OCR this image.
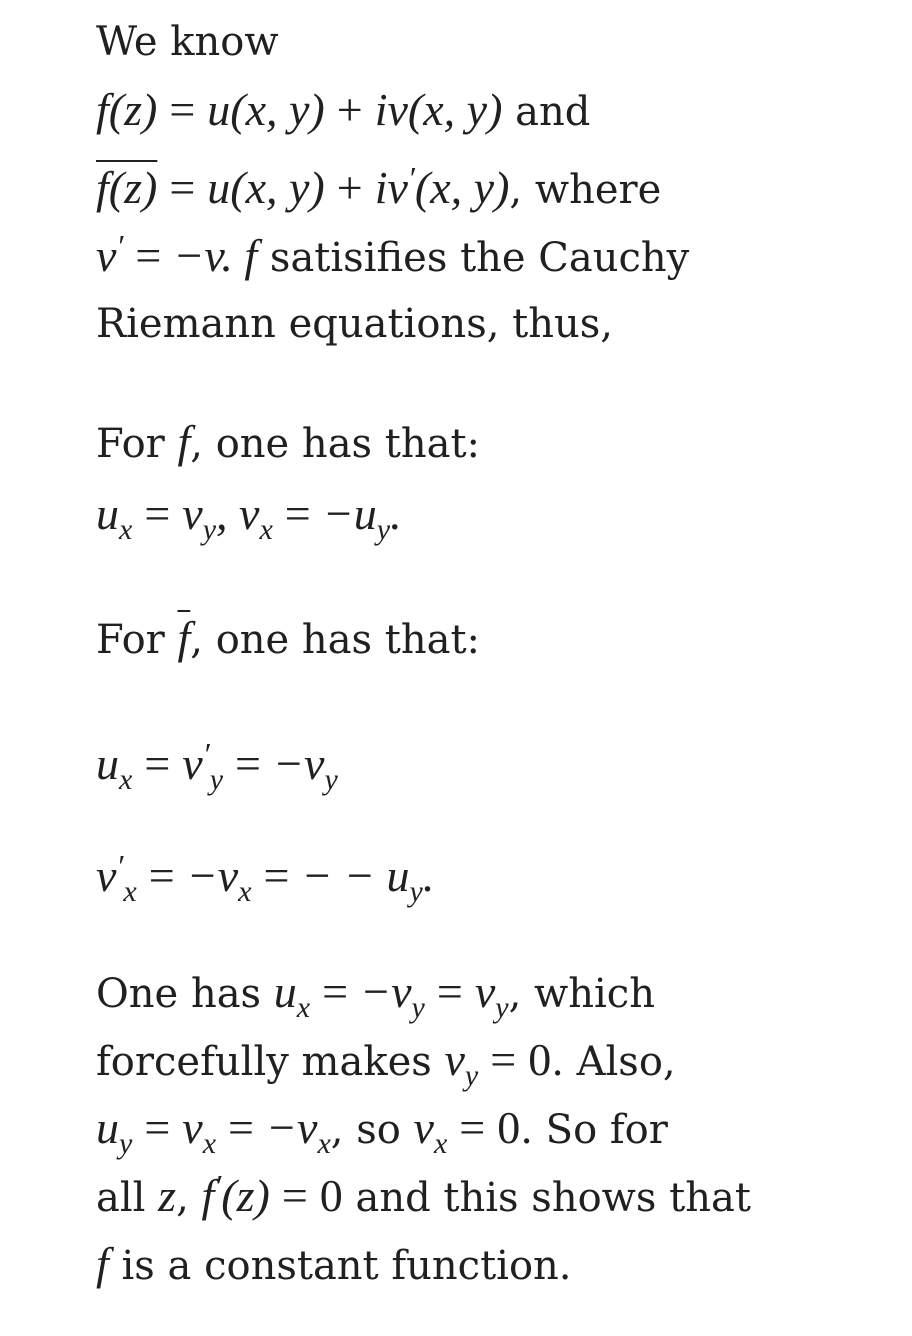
We know
f(z) = u(x, y) + iv(x, y) and
f(z) = u(x, y) + iv′(x, y), where
v′ = −v. f satisifies the Cauchy
Riemann equations, thus,
For f, one has that:
$u_x = v_y$, $v_x = -u_y$.
For $\overline{f}$, one has that:
$u_x = v'_y = -v_y$
$v'_x = -v_x$ = − − $u_y$.
One has $u_x = -v_y = v_y$, which
forcefully makes $v_y = 0$. Also,
$u_y = v_x = -v_x$, so $v_x = 0$. So for
all z, f′(z) = 0 and this shows that
f is a constant function.
